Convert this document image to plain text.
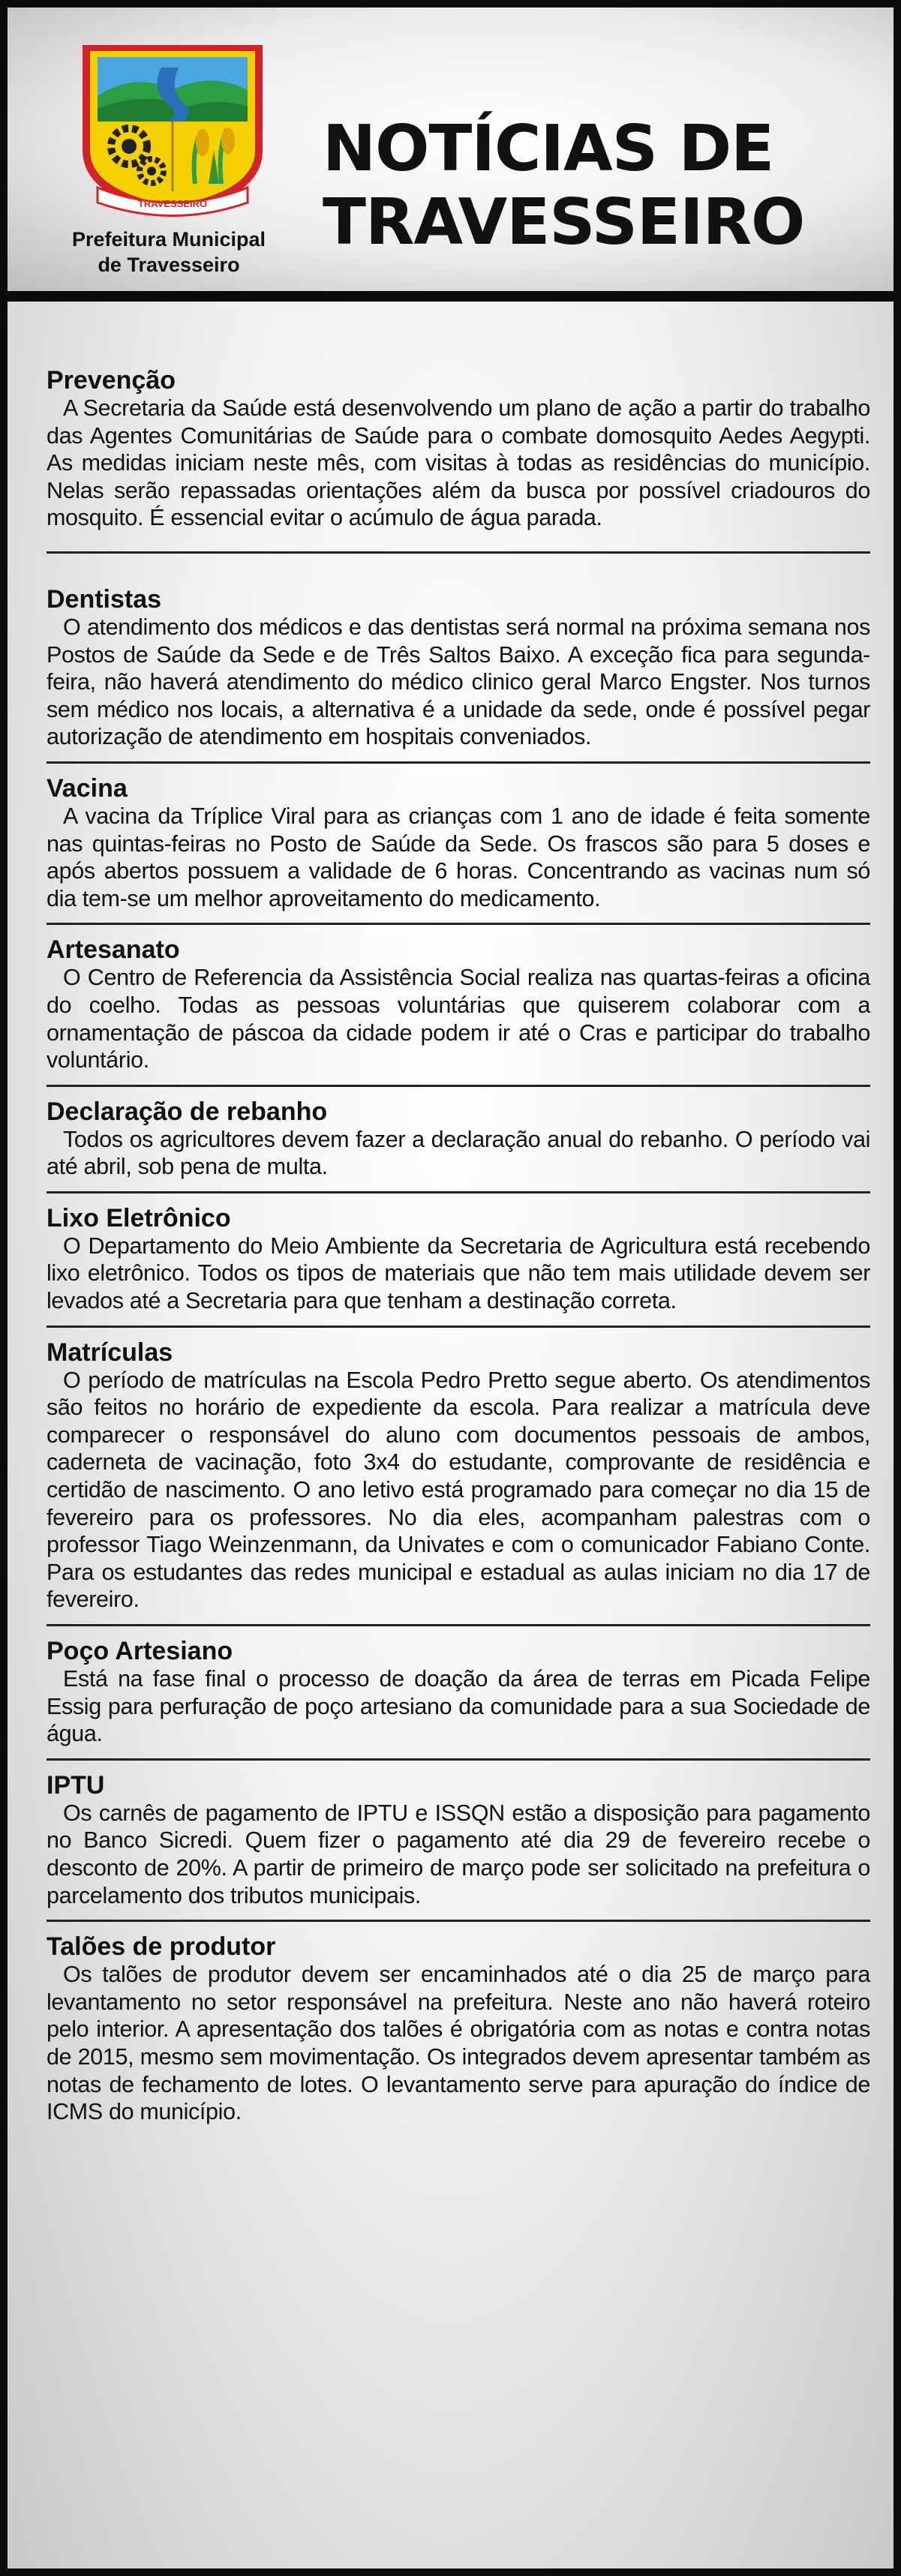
TRAVESSEIRO
Prefeitura Municipal
de Travesseiro
NOTÍCIAS DE
TRAVESSEIRO
Prevenção

A Secretaria da Saúde está desenvolvendo um plano de ação a partir do trabalho das Agentes Comunitárias de Saúde para o combate domosquito Aedes Aegypti. As medidas iniciam neste mês, com visitas à todas as residências do município. Nelas serão repassadas orientações além da busca por possível criadouros do mosquito. É essencial evitar o acúmulo de água parada.

Dentistas

O atendimento dos médicos e das dentistas será normal na próxima semana nos Postos de Saúde da Sede e de Três Saltos Baixo. A exceção fica para segunda-feira, não haverá atendimento do médico clinico geral Marco Engster. Nos turnos sem médico nos locais, a alternativa é a unidade da sede, onde é possível pegar autorização de atendimento em hospitais conveniados.

Vacina

A vacina da Tríplice Viral para as crianças com 1 ano de idade é feita somente nas quintas-feiras no Posto de Saúde da Sede. Os frascos são para 5 doses e após abertos possuem a validade de 6 horas. Concentrando as vacinas num só dia tem-se um melhor aproveitamento do medicamento.

Artesanato

O Centro de Referencia da Assistência Social realiza nas quartas-feiras a oficina do coelho. Todas as pessoas voluntárias que quiserem colaborar com a ornamentação de páscoa da cidade podem ir até o Cras e participar do trabalho voluntário.

Declaração de rebanho

Todos os agricultores devem fazer a declaração anual do rebanho. O período vai até abril, sob pena de multa.

Lixo Eletrônico

O Departamento do Meio Ambiente da Secretaria de Agricultura está recebendo lixo eletrônico. Todos os tipos de materiais que não tem mais utilidade devem ser levados até a Secretaria para que tenham a destinação correta.

Matrículas

O período de matrículas na Escola Pedro Pretto segue aberto. Os atendimentos são feitos no horário de expediente da escola. Para realizar a matrícula deve comparecer o responsável do aluno com documentos pessoais de ambos, caderneta de vacinação, foto 3x4 do estudante, comprovante de residência e certidão de nascimento. O ano letivo está programado para começar no dia 15 de fevereiro para os professores. No dia eles, acompanham palestras com o professor Tiago Weinzenmann, da Univates e com o comunicador Fabiano Conte. Para os estudantes das redes municipal e estadual as aulas iniciam no dia 17 de fevereiro.

Poço Artesiano

Está na fase final o processo de doação da área de terras em Picada Felipe Essig para perfuração de poço artesiano da comunidade para a sua Sociedade de água.

IPTU

Os carnês de pagamento de IPTU e ISSQN estão a disposição para pagamento no Banco Sicredi. Quem fizer o pagamento até dia 29 de fevereiro recebe o desconto de 20%. A partir de primeiro de março pode ser solicitado na prefeitura o parcelamento dos tributos municipais.

Talões de produtor

Os talões de produtor devem ser encaminhados até o dia 25 de março para levantamento no setor responsável na prefeitura. Neste ano não haverá roteiro pelo interior. A apresentação dos talões é obrigatória com as notas e contra notas de 2015, mesmo sem movimentação. Os integrados devem apresentar também as notas de fechamento de lotes. O levantamento serve para apuração do índice de ICMS do município.
